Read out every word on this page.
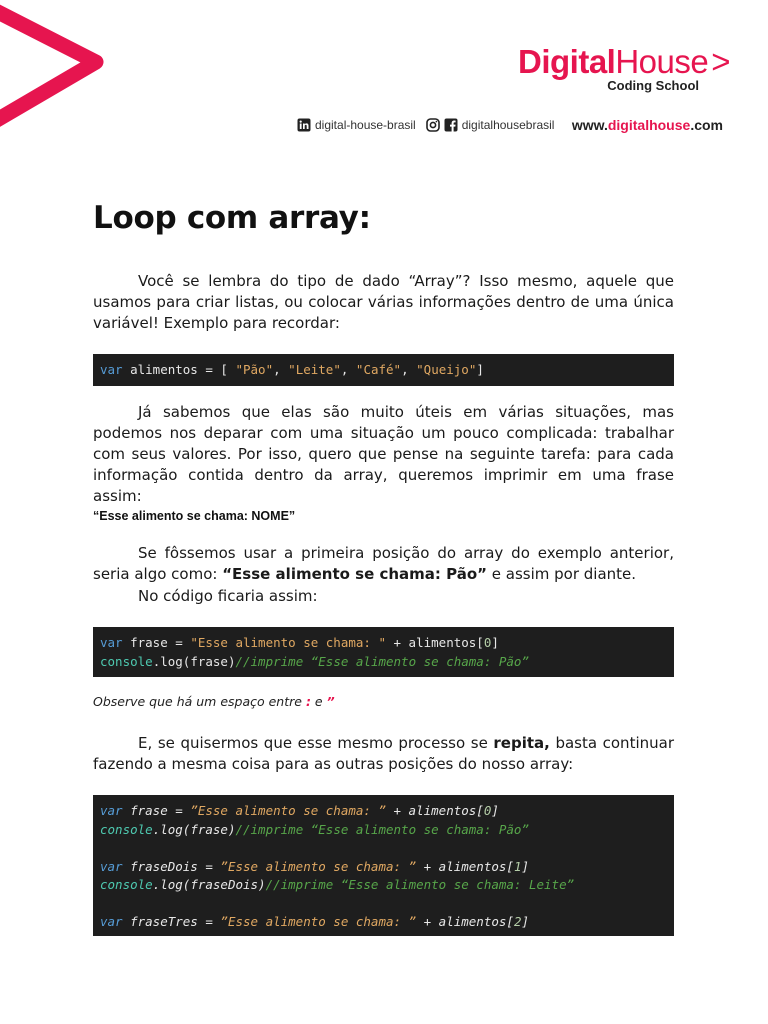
DigitalHouse>
Coding School
digital-house-brasil	digitalhousebrasil www.digitalhouse.com
Loop com array:

Você se lembra do tipo de dado “Array”? Isso mesmo, aquele que usamos para criar listas, ou colocar várias informações dentro de uma única variável! Exemplo para recordar:

var alimentos = [ "Pão", "Leite", "Café", "Queijo"]

Já sabemos que elas são muito úteis em várias situações, mas podemos nos deparar com uma situação um pouco complicada: trabalhar com seus valores. Por isso, quero que pense na seguinte tarefa: para cada informação contida dentro da array, queremos imprimir em uma frase assim:

“Esse alimento se chama: NOME”

Se fôssemos usar a primeira posição do array do exemplo anterior, seria algo como: “Esse alimento se chama: Pão” e assim por diante.

No código ficaria assim:

var frase = "Esse alimento se chama: " + alimentos[0]
console.log(frase)//imprime “Esse alimento se chama: Pão”
Observe que há um espaço entre : e ”

E, se quisermos que esse mesmo processo se repita, basta continuar fazendo a mesma coisa para as outras posições do nosso array:

var frase = ”Esse alimento se chama: ” + alimentos[0]
console.log(frase)//imprime “Esse alimento se chama: Pão”

var fraseDois = ”Esse alimento se chama: ” + alimentos[1]
console.log(fraseDois)//imprime “Esse alimento se chama: Leite”

var fraseTres = ”Esse alimento se chama: ” + alimentos[2]
